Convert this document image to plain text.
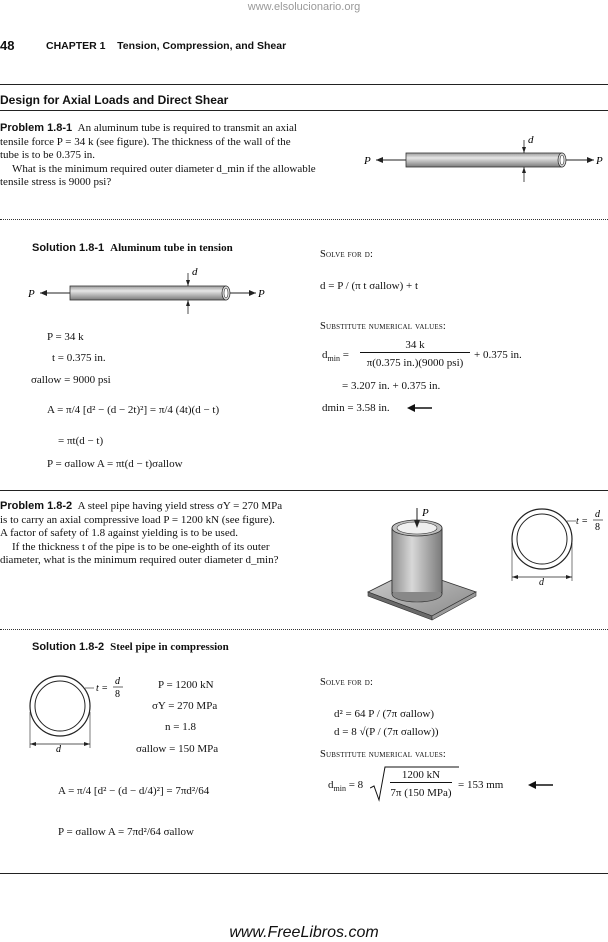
www.elsolucionario.org
48	CHAPTER 1    Tension, Compression, and Shear
Design for Axial Loads and Direct Shear
Problem 1.8-1 An aluminum tube is required to transmit an axial
tensile force P = 34 k (see figure). The thickness of the wall of the
tube is to be 0.375 in.
What is the minimum required outer diameter d_min if the allowable
tensile stress is 9000 psi?
P	P
d
Solution 1.8-1 Aluminum tube in tension
P	P
d
P = 34 k
t = 0.375 in.
σallow = 9000 psi
A = π/4 [d² − (d − 2t)²] = π/4 (4t)(d − t)
= πt(d − t)
P = σallow A = πt(d − t)σallow
Solve for d:
d = P / (π t σallow) + t
Substitute numerical values:
$d_{min}$ =
34 k
π(0.375 in.)(9000 psi)
+ 0.375 in.
= 3.207 in. + 0.375 in.
dmin = 3.58 in.
Problem 1.8-2 A steel pipe having yield stress σY = 270 MPa
is to carry an axial compressive load P = 1200 kN (see figure).
A factor of safety of 1.8 against yielding is to be used.
If the thickness t of the pipe is to be one-eighth of its outer
diameter, what is the minimum required outer diameter d_min?
P
d
t =
d
8
Solution 1.8-2 Steel pipe in compression
d
t =
d
8
P = 1200 kN
σY = 270 MPa
n = 1.8
σallow = 150 MPa
A = π/4 [d² − (d − d/4)²] = 7πd²/64
P = σallow A = 7πd²/64 σallow
Solve for d:
d² = 64 P / (7π σallow)
d = 8 √(P / (7π σallow))
Substitute numerical values:
$d_{min} = 8$
1200 kN
7π (150 MPa)
= 153 mm
www.FreeLibros.com
